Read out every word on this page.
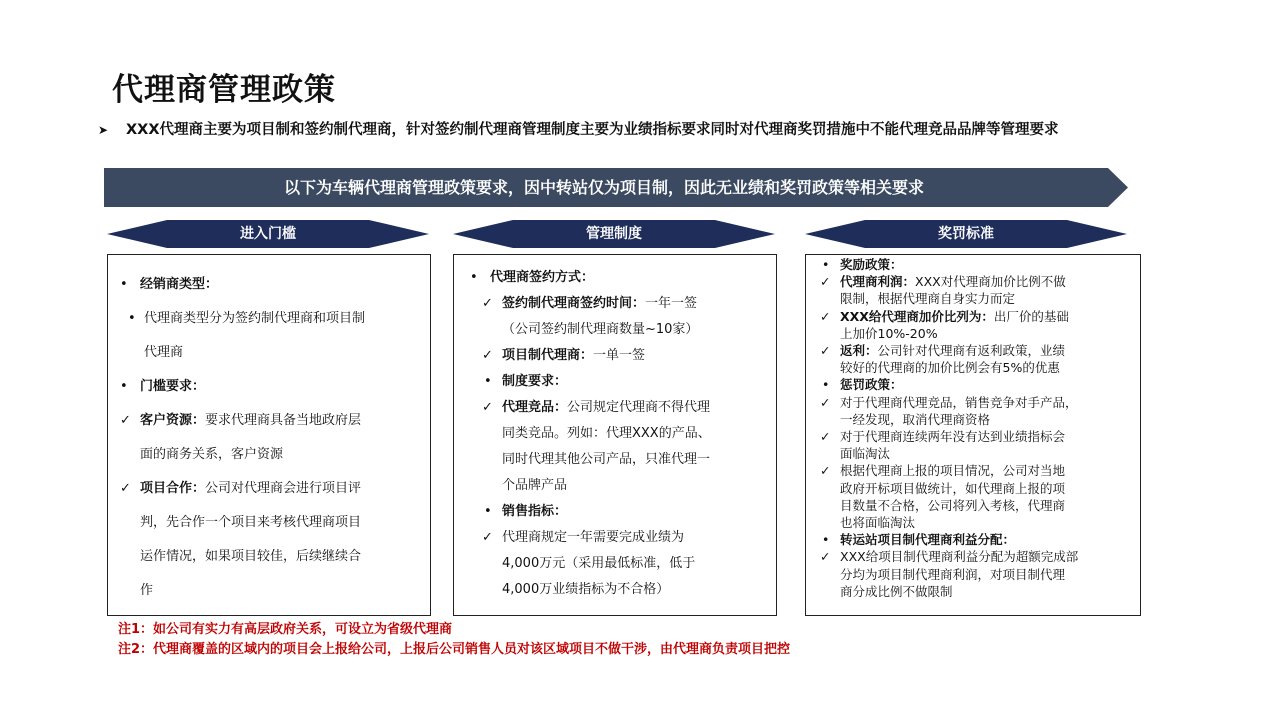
代理商管理政策
➤ XXX代理商主要为项目制和签约制代理商，针对签约制代理商管理制度主要为业绩指标要求同时对代理商奖罚措施中不能代理竞品品牌等管理要求
以下为车辆代理商管理政策要求，因中转站仅为项目制，因此无业绩和奖罚政策等相关要求
进入门槛	管理制度	奖罚标准
• 经销商类型：
• 代理商类型分为签约制代理商和项目制
代理商
• 门槛要求：
✓ 客户资源：要求代理商具备当地政府层
面的商务关系，客户资源
✓ 项目合作：公司对代理商会进行项目评
判，先合作一个项目来考核代理商项目
运作情况，如果项目较佳，后续继续合
作
• 代理商签约方式：
✓ 签约制代理商签约时间：一年一签
（公司签约制代理商数量~10家）
✓ 项目制代理商：一单一签
• 制度要求：
✓ 代理竞品：公司规定代理商不得代理
同类竞品。列如：代理XXX的产品、
同时代理其他公司产品，只准代理一
个品牌产品
• 销售指标：
✓ 代理商规定一年需要完成业绩为
4,000万元（采用最低标准，低于
4,000万业绩指标为不合格）
• 奖励政策：
✓ 代理商利润：XXX对代理商加价比例不做
限制，根据代理商自身实力而定
✓ XXX给代理商加价比列为：出厂价的基础
上加价10%-20%
✓ 返利：公司针对代理商有返利政策，业绩
较好的代理商的加价比例会有5%的优惠
• 惩罚政策：
✓ 对于代理商代理竞品，销售竞争对手产品，
一经发现，取消代理商资格
✓ 对于代理商连续两年没有达到业绩指标会
面临淘汰
✓ 根据代理商上报的项目情况，公司对当地
政府开标项目做统计，如代理商上报的项
目数量不合格，公司将列入考核，代理商
也将面临淘汰
• 转运站项目制代理商利益分配：
✓ XXX给项目制代理商利益分配为超额完成部
分均为项目制代理商利润，对项目制代理
商分成比例不做限制
注1：如公司有实力有高层政府关系，可设立为省级代理商
注2：代理商覆盖的区域内的项目会上报给公司，上报后公司销售人员对该区域项目不做干涉，由代理商负责项目把控
